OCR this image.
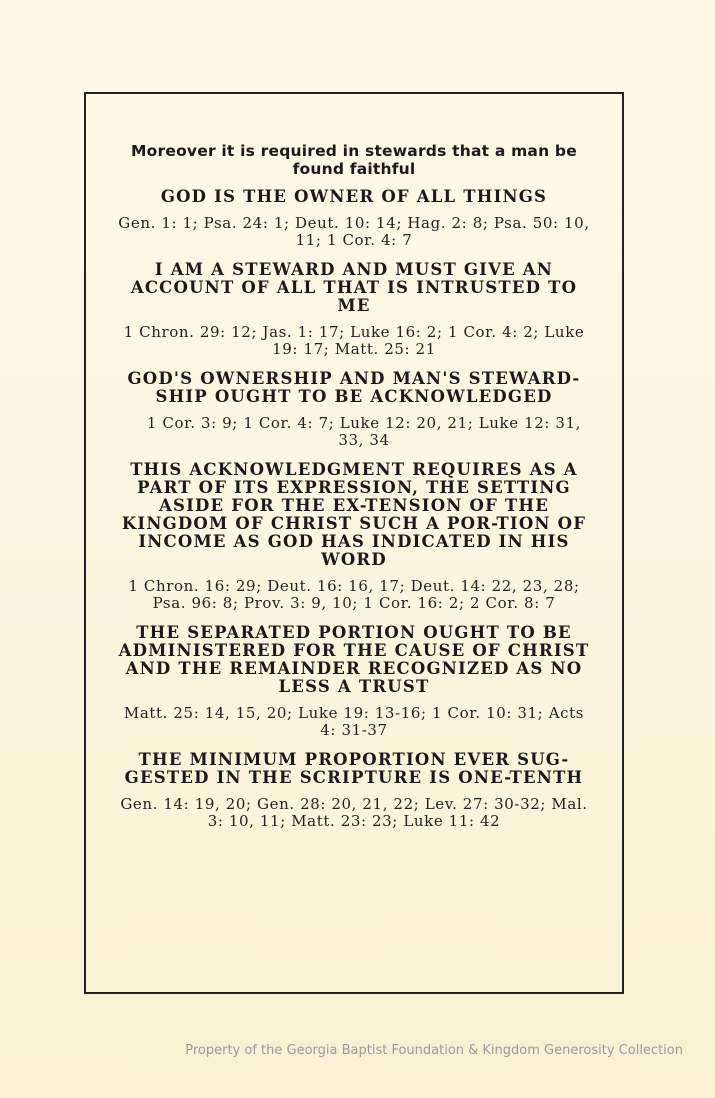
Moreover it is required in stewards that a man be found faithful
GOD IS THE OWNER OF ALL THINGS
Gen. 1: 1; Psa. 24: 1; Deut. 10: 14; Hag. 2: 8; Psa. 50: 10, 11; 1 Cor. 4: 7
I AM A STEWARD AND MUST GIVE AN ACCOUNT OF ALL THAT IS INTRUSTED TO ME
1 Chron. 29: 12; Jas. 1: 17; Luke 16: 2; 1 Cor. 4: 2; Luke 19: 17; Matt. 25: 21
GOD'S OWNERSHIP AND MAN'S STEWARD-SHIP OUGHT TO BE ACKNOWLEDGED
1 Cor. 3: 9; 1 Cor. 4: 7; Luke 12: 20, 21; Luke 12: 31, 33, 34
THIS ACKNOWLEDGMENT REQUIRES AS A PART OF ITS EXPRESSION, THE SETTING ASIDE FOR THE EX-TENSION OF THE KINGDOM OF CHRIST SUCH A POR-TION OF INCOME AS GOD HAS INDICATED IN HIS WORD
1 Chron. 16: 29; Deut. 16: 16, 17; Deut. 14: 22, 23, 28; Psa. 96: 8; Prov. 3: 9, 10; 1 Cor. 16: 2; 2 Cor. 8: 7
THE SEPARATED PORTION OUGHT TO BE ADMINISTERED FOR THE CAUSE OF CHRIST AND THE REMAINDER RECOGNIZED AS NO LESS A TRUST
Matt. 25: 14, 15, 20; Luke 19: 13-16; 1 Cor. 10: 31; Acts 4: 31-37
THE MINIMUM PROPORTION EVER SUG-GESTED IN THE SCRIPTURE IS ONE-TENTH
Gen. 14: 19, 20; Gen. 28: 20, 21, 22; Lev. 27: 30-32; Mal. 3: 10, 11; Matt. 23: 23; Luke 11: 42
Property of the Georgia Baptist Foundation & Kingdom Generosity Collection
